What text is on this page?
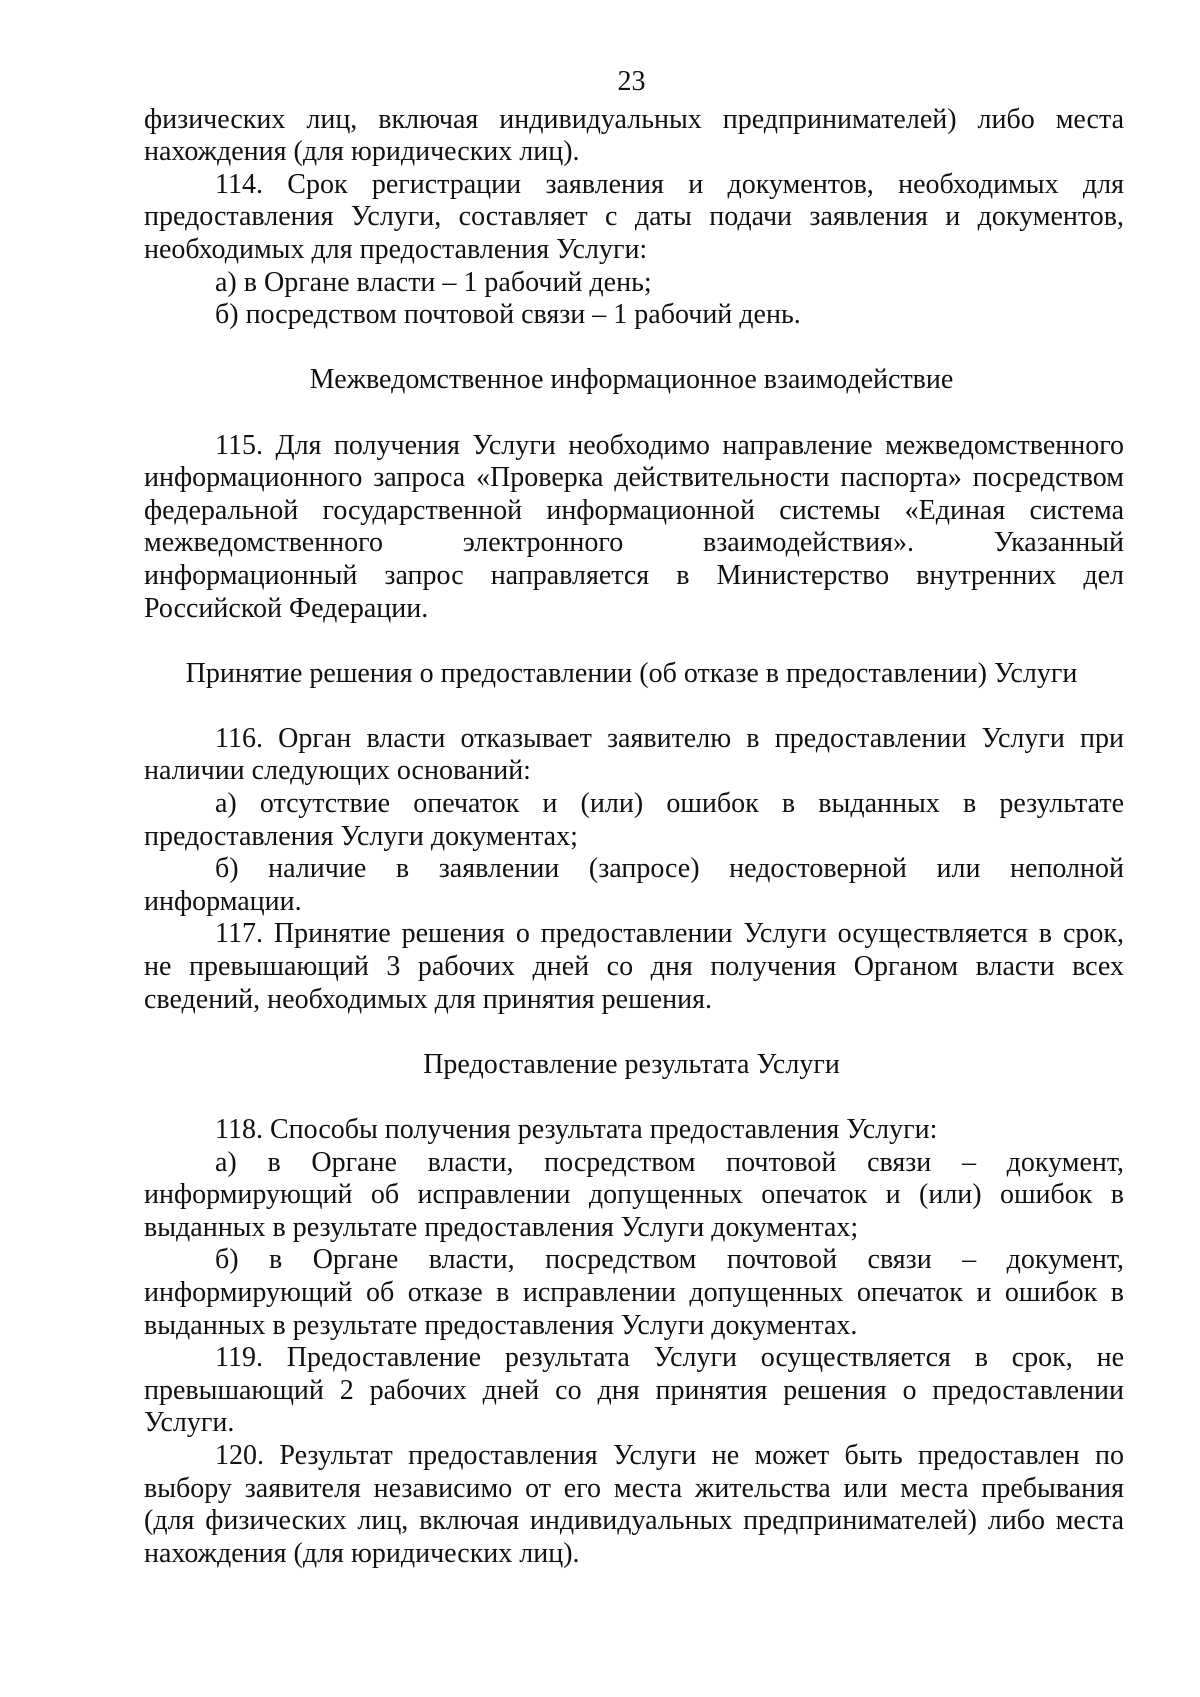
23

физических лиц, включая индивидуальных предпринимателей) либо места нахождения (для юридических лиц).

114. Срок регистрации заявления и документов, необходимых для предоставления Услуги, составляет с даты подачи заявления и документов, необходимых для предоставления Услуги:

а) в Органе власти – 1 рабочий день;

б) посредством почтовой связи – 1 рабочий день.

Межведомственное информационное взаимодействие

115. Для получения Услуги необходимо направление межведомственного информационного запроса «Проверка действительности паспорта» посредством федеральной государственной информационной системы «Единая система межведомственного электронного взаимодействия». Указанный информационный запрос направляется в Министерство внутренних дел Российской Федерации.

Принятие решения о предоставлении (об отказе в предоставлении) Услуги

116. Орган власти отказывает заявителю в предоставлении Услуги при наличии следующих оснований:

а) отсутствие опечаток и (или) ошибок в выданных в результате предоставления Услуги документах;

б) наличие в заявлении (запросе) недостоверной или неполной информации.

117. Принятие решения о предоставлении Услуги осуществляется в срок, не превышающий 3 рабочих дней со дня получения Органом власти всех сведений, необходимых для принятия решения.

Предоставление результата Услуги

118. Способы получения результата предоставления Услуги:

а) в Органе власти, посредством почтовой связи – документ, информирующий об исправлении допущенных опечаток и (или) ошибок в выданных в результате предоставления Услуги документах;

б) в Органе власти, посредством почтовой связи – документ, информирующий об отказе в исправлении допущенных опечаток и ошибок в выданных в результате предоставления Услуги документах.

119. Предоставление результата Услуги осуществляется в срок, не превышающий 2 рабочих дней со дня принятия решения о предоставлении Услуги.

120. Результат предоставления Услуги не может быть предоставлен по выбору заявителя независимо от его места жительства или места пребывания (для физических лиц, включая индивидуальных предпринимателей) либо места нахождения (для юридических лиц).
